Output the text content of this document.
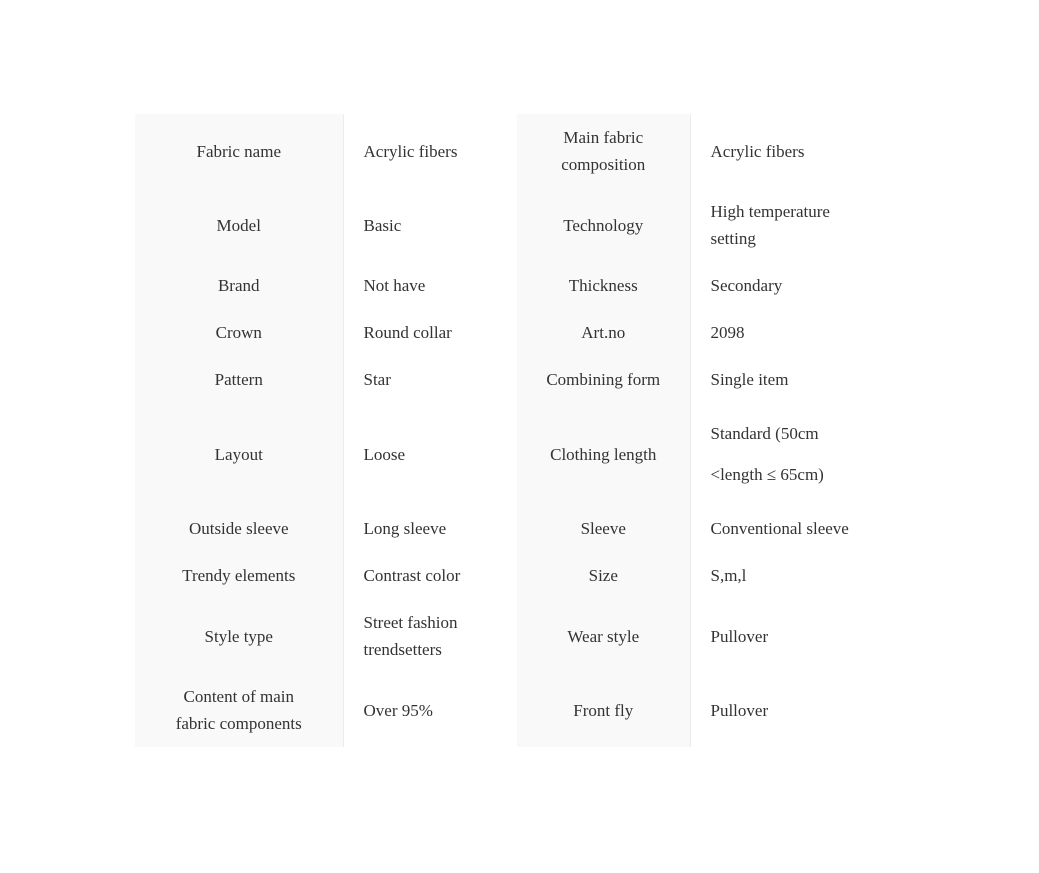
Fabric name	Acrylic fibers	Main fabric
composition	Acrylic fibers

Model	Basic	Technology	High temperature
setting

Brand	Not have	Thickness	Secondary

Crown	Round collar	Art.no	2098

Pattern	Star	Combining form	Single item

Layout	Loose	Clothing length	Standard (50cm
<length ≤ 65cm)

Outside sleeve	Long sleeve	Sleeve	Conventional sleeve

Trendy elements	Contrast color	Size	S,m,l

Style type	Street fashion
trendsetters	Wear style	Pullover

Content of main
fabric components	Over 95%	Front fly	Pullover
